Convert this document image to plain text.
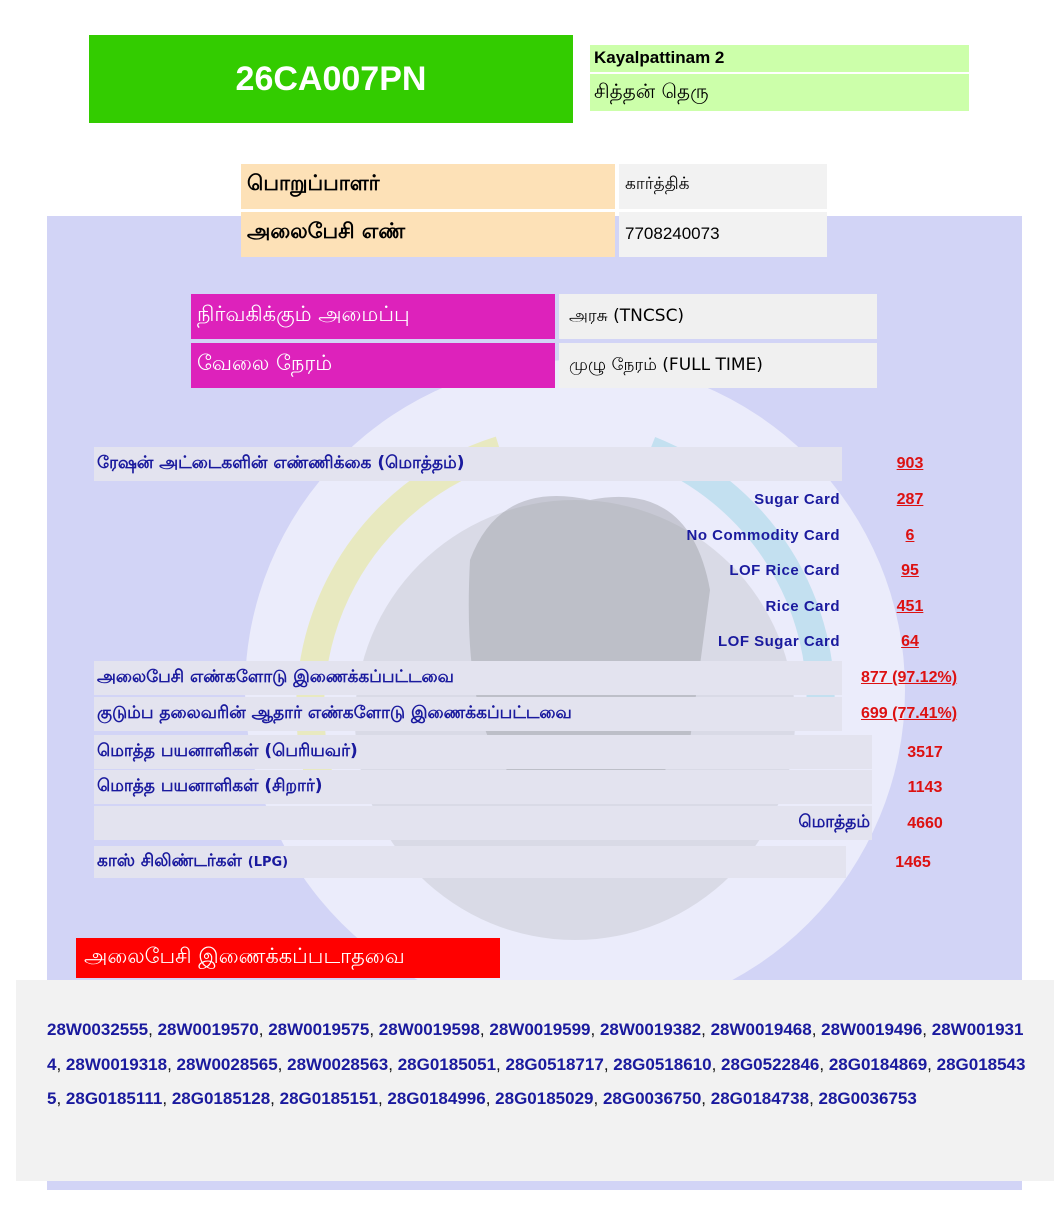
26CA007PN
Kayalpattinam 2
சித்தன் தெரு
பொறுப்பாளர்	கார்த்திக்
அலைபேசி எண்	7708240073
நிர்வகிக்கும் அமைப்பு	அரசு (TNCSC)
வேலை நேரம்	முழு நேரம் (FULL TIME)
ரேஷன் அட்டைகளின் எண்ணிக்கை (மொத்தம்)	903
Sugar Card	287
No Commodity Card	6
LOF Rice Card	95
Rice Card	451
LOF Sugar Card	64
அலைபேசி எண்களோடு இணைக்கப்பட்டவை	877 (97.12%)
குடும்ப தலைவரின் ஆதார் எண்களோடு இணைக்கப்பட்டவை	699 (77.41%)
மொத்த பயனாளிகள் (பெரியவர்)	3517
மொத்த பயனாளிகள் (சிறார்)	1143
மொத்தம்	4660
காஸ் சிலிண்டர்கள் (LPG)	1465
அலைபேசி இணைக்கப்படாதவை
28W0032555, 28W0019570, 28W0019575, 28W0019598, 28W0019599, 28W0019382, 28W0019468, 28W0019496, 28W0019314, 28W0019318, 28W0028565, 28W0028563, 28G0185051, 28G0518717, 28G0518610, 28G0522846, 28G0184869, 28G0185435, 28G0185111, 28G0185128, 28G0185151, 28G0184996, 28G0185029, 28G0036750, 28G0184738, 28G0036753
